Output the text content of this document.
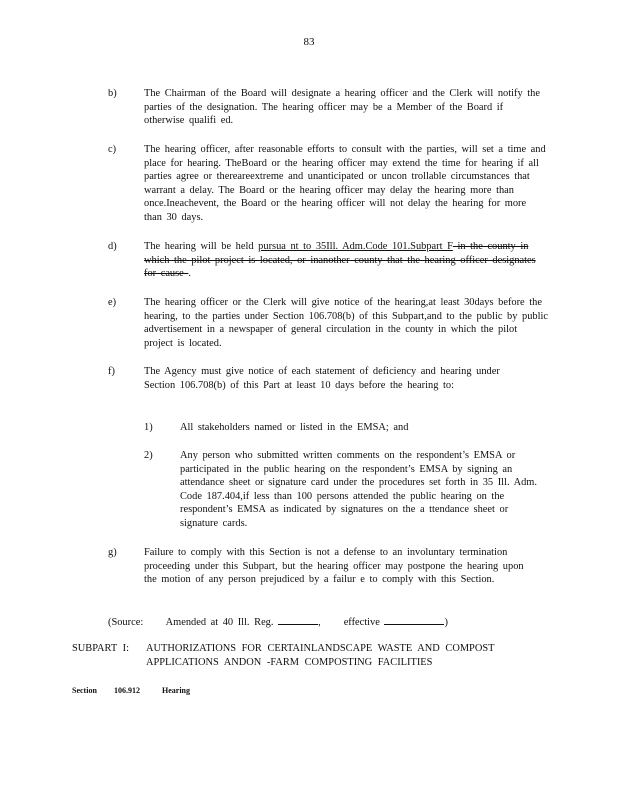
83
b)	The Chairman of the Board will designate a hearing officer and the Clerk will notify the parties of the designation. The hearing officer may be a Member of the Board if otherwise qualifi ed.
c)	The hearing officer, after reasonable efforts to consult with the parties, will set a time and place for hearing. TheBoard or the hearing officer may extend the time for hearing if all parties agree or thereareextreme and unanticipated or uncon trollable circumstances that warrant a delay. The Board or the hearing officer may delay the hearing more than once.Ineachevent, the Board or the hearing officer will not delay the hearing for more than 30 days.
d)	The hearing will be held pursua nt to 35Ill. Adm.Code 101.Subpart F in the county in which the pilot project is located, or inanother county that the hearing officer designates for cause .
e)	The hearing officer or the Clerk will give notice of the hearing,at least 30days before the hearing, to the parties under Section 106.708(b) of this Subpart,and to the public by public advertisement in a newspaper of general circulation in the county in which the pilot project is located.
f)	The Agency must give notice of each statement of deficiency and hearing under Section 106.708(b) of this Part at least 10 days before the hearing to:
1)	All stakeholders named or listed in the EMSA; and
2)	Any person who submitted written comments on the respondent’s EMSA or participated in the public hearing on the respondent’s EMSA by signing an attendance sheet or signature card under the procedures set forth in 35 Ill. Adm. Code 187.404,if less than 100 persons attended the public hearing on the respondent’s EMSA as indicated by signatures on the a ttendance sheet or signature cards.
g)	Failure to comply with this Section is not a defense to an involuntary termination proceeding under this Subpart, but the hearing officer may postpone the hearing upon the motion of any person prejudiced by a failur e to comply with this Section.
(Source: Amended at 40 Ill. Reg.	, effective	)
SUBPART I: AUTHORIZATIONS FOR CERTAINLANDSCAPE WASTE AND COMPOST APPLICATIONS ANDON -FARM COMPOSTING FACILITIES
Section 106.912	Hearing
